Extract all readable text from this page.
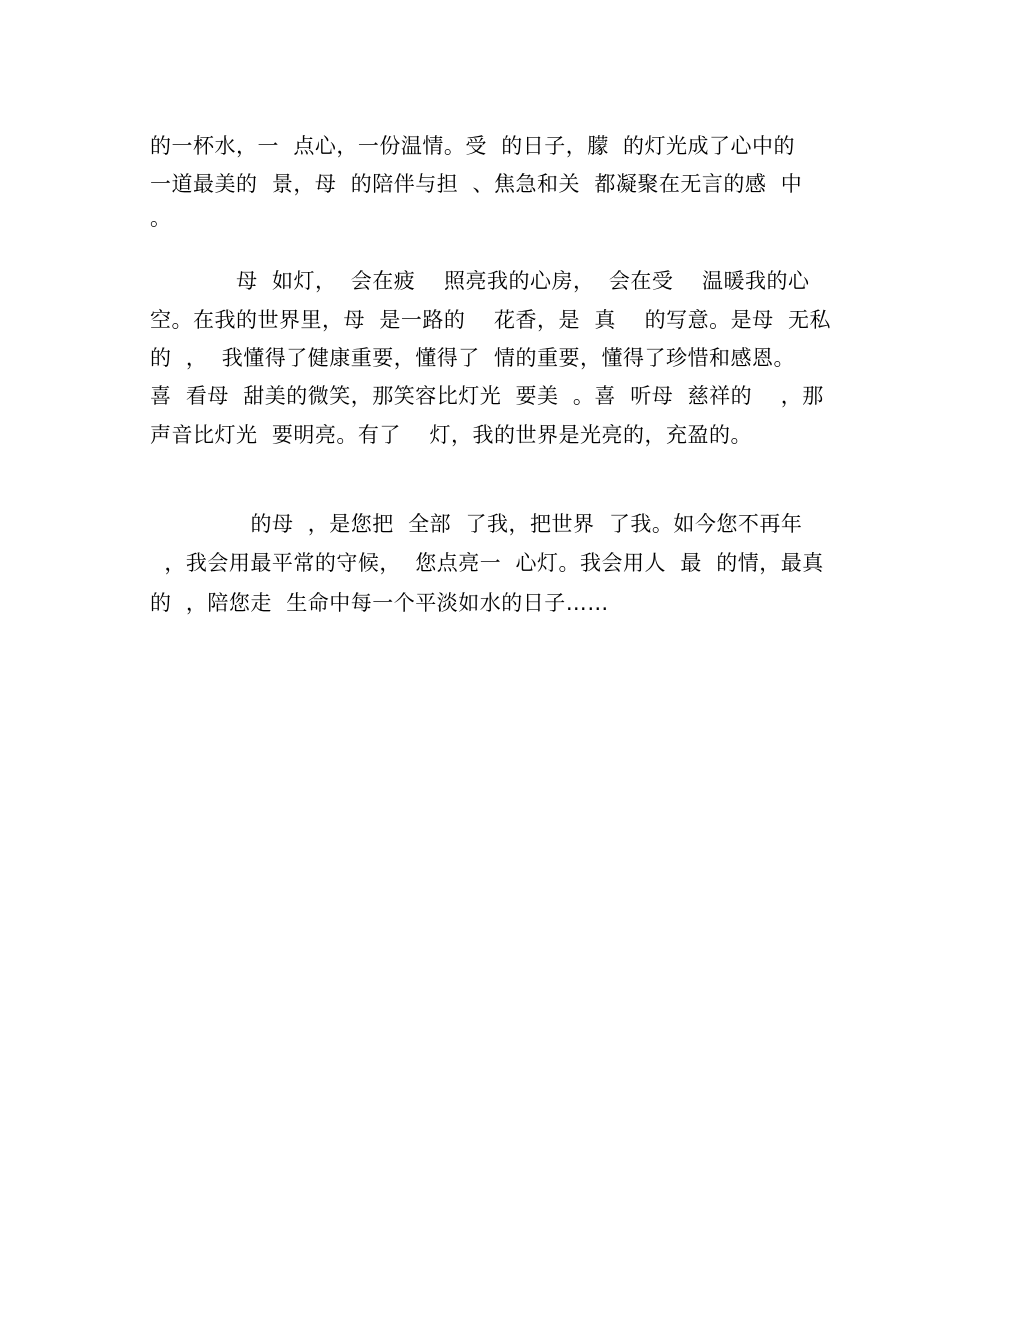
的一杯水，一  点心，一份温情。受  的日子，朦  的灯光成了心中的
一道最美的  景，母  的陪伴与担  、焦急和关  都凝聚在无言的感  中
。
母  如灯，  会在疲    照亮我的心房，  会在受    温暖我的心
空。在我的世界里，母  是一路的    花香，是  真    的写意。是母  无私
的  ，  我懂得了健康重要，懂得了  情的重要，懂得了珍惜和感恩。
喜  看母  甜美的微笑，那笑容比灯光  要美  。喜  听母  慈祥的    ，那
声音比灯光  要明亮。有了    灯，我的世界是光亮的，充盈的。
的母  ，是您把  全部  了我，把世界  了我。如今您不再年
，我会用最平常的守候，  您点亮一  心灯。我会用人  最  的情，最真
的  ，陪您走  生命中每一个平淡如水的日子……
